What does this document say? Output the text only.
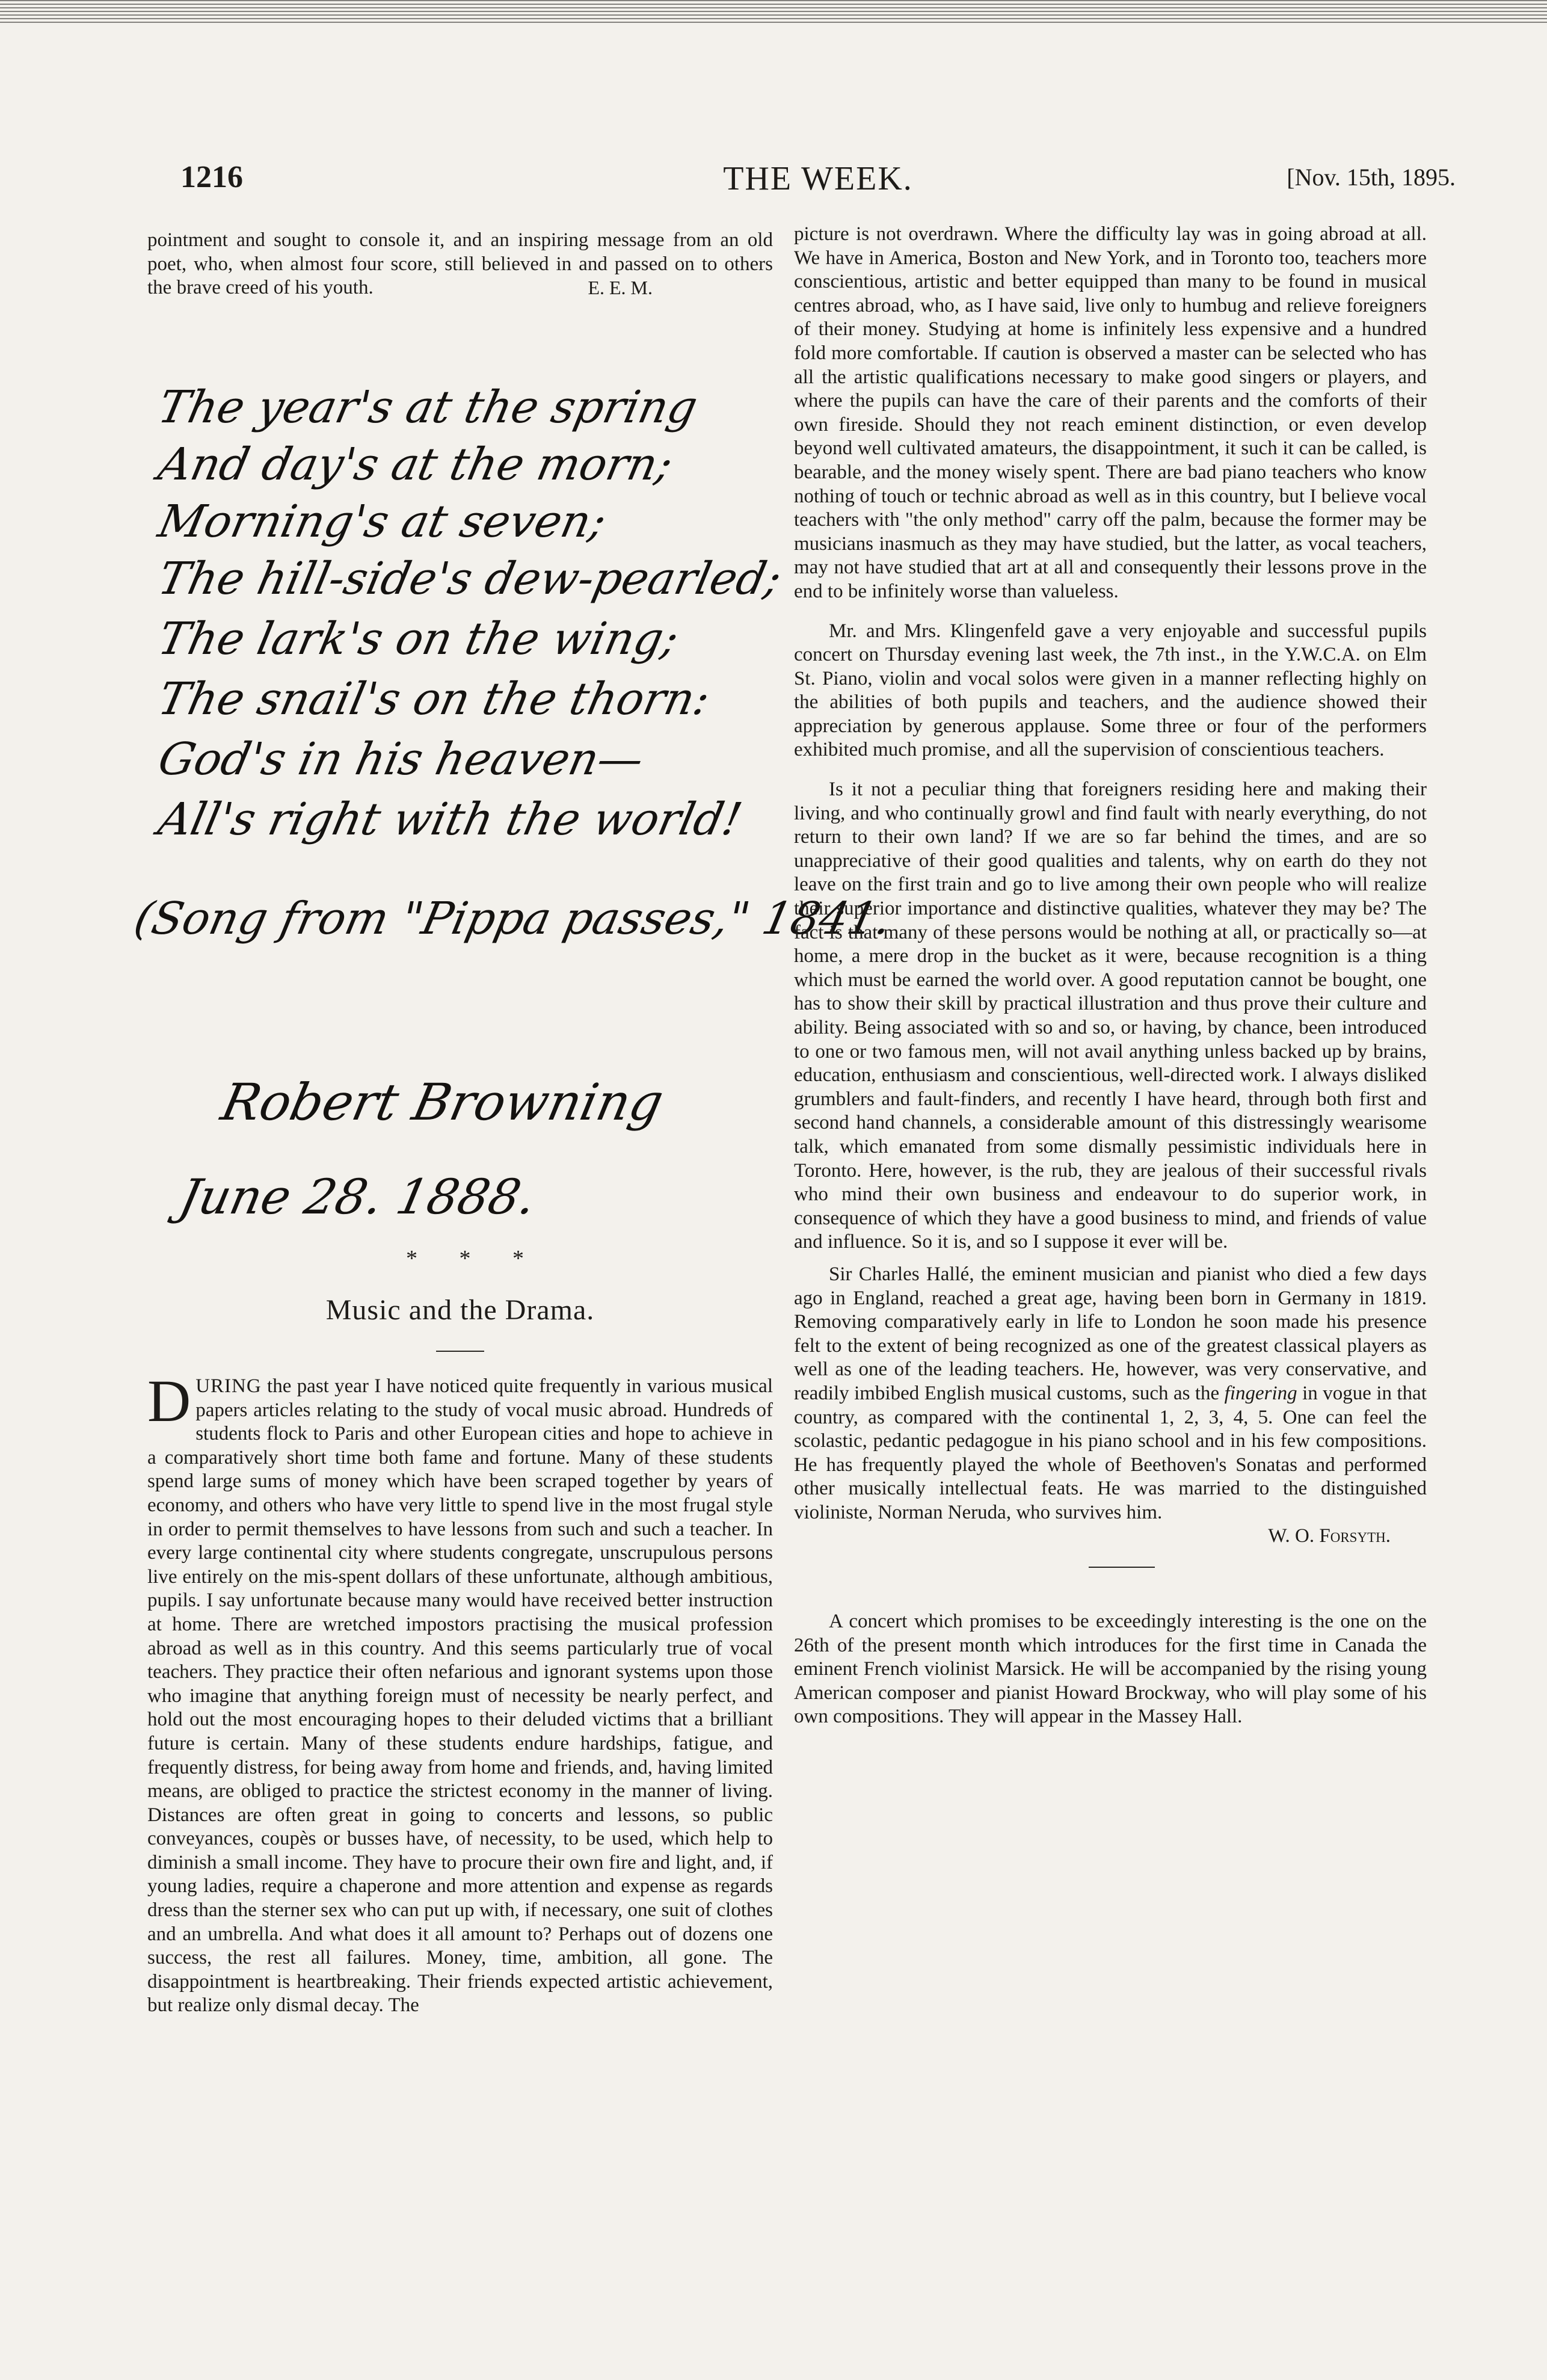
1216	THE WEEK.	[Nov. 15th, 1895.

pointment and sought to console it, and an inspiring message from an old poet, who, when almost four score, still believed in and passed on to others the brave creed of his youth.	E. E. M.
The year's at the spring
And day's at the morn;
Morning's at seven;
The hill-side's dew-pearled;
The lark's on the wing;
The snail's on the thorn:
God's in his heaven—
All's right with the world!
(Song from "Pippa passes," 1841.
Robert Browning
June 28. 1888.
* * *
Music and the Drama.

DURING the past year I have noticed quite frequently in various musical papers articles relating to the study of vocal music abroad. Hundreds of students flock to Paris and other European cities and hope to achieve in a comparatively short time both fame and fortune. Many of these students spend large sums of money which have been scraped together by years of economy, and others who have very little to spend live in the most frugal style in order to permit themselves to have lessons from such and such a teacher. In every large continental city where students congregate, unscrupulous persons live entirely on the mis-spent dollars of these unfortunate, although ambitious, pupils. I say unfortunate because many would have received better instruction at home. There are wretched impostors practising the musical profession abroad as well as in this country. And this seems particularly true of vocal teachers. They practice their often nefarious and ignorant systems upon those who imagine that anything foreign must of necessity be nearly perfect, and hold out the most encouraging hopes to their deluded victims that a brilliant future is certain. Many of these students endure hardships, fatigue, and frequently distress, for being away from home and friends, and, having limited means, are obliged to practice the strictest economy in the manner of living. Distances are often great in going to concerts and lessons, so public conveyances, coupès or busses have, of necessity, to be used, which help to diminish a small income. They have to procure their own fire and light, and, if young ladies, require a chaperone and more attention and expense as regards dress than the sterner sex who can put up with, if necessary, one suit of clothes and an umbrella. And what does it all amount to? Perhaps out of dozens one success, the rest all failures. Money, time, ambition, all gone. The disappointment is heartbreaking. Their friends expected artistic achievement, but realize only dismal decay. The

picture is not overdrawn. Where the difficulty lay was in going abroad at all. We have in America, Boston and New York, and in Toronto too, teachers more conscientious, artistic and better equipped than many to be found in musical centres abroad, who, as I have said, live only to humbug and relieve foreigners of their money. Studying at home is infinitely less expensive and a hundred fold more comfortable. If caution is observed a master can be selected who has all the artistic qualifications necessary to make good singers or players, and where the pupils can have the care of their parents and the comforts of their own fireside. Should they not reach eminent distinction, or even develop beyond well cultivated amateurs, the disappointment, it such it can be called, is bearable, and the money wisely spent. There are bad piano teachers who know nothing of touch or technic abroad as well as in this country, but I believe vocal teachers with "the only method" carry off the palm, because the former may be musicians inasmuch as they may have studied, but the latter, as vocal teachers, may not have studied that art at all and consequently their lessons prove in the end to be infinitely worse than valueless.

Mr. and Mrs. Klingenfeld gave a very enjoyable and successful pupils concert on Thursday evening last week, the 7th inst., in the Y.W.C.A. on Elm St. Piano, violin and vocal solos were given in a manner reflecting highly on the abilities of both pupils and teachers, and the audience showed their appreciation by generous applause. Some three or four of the performers exhibited much promise, and all the supervision of conscientious teachers.

Is it not a peculiar thing that foreigners residing here and making their living, and who continually growl and find fault with nearly everything, do not return to their own land? If we are so far behind the times, and are so unappreciative of their good qualities and talents, why on earth do they not leave on the first train and go to live among their own people who will realize their superior importance and distinctive qualities, whatever they may be? The fact is that many of these persons would be nothing at all, or practically so—at home, a mere drop in the bucket as it were, because recognition is a thing which must be earned the world over. A good reputation cannot be bought, one has to show their skill by practical illustration and thus prove their culture and ability. Being associated with so and so, or having, by chance, been introduced to one or two famous men, will not avail anything unless backed up by brains, education, enthusiasm and conscientious, well-directed work. I always disliked grumblers and fault-finders, and recently I have heard, through both first and second hand channels, a considerable amount of this distressingly wearisome talk, which emanated from some dismally pessimistic individuals here in Toronto. Here, however, is the rub, they are jealous of their successful rivals who mind their own business and endeavour to do superior work, in consequence of which they have a good business to mind, and friends of value and influence. So it is, and so I suppose it ever will be.

Sir Charles Hallé, the eminent musician and pianist who died a few days ago in England, reached a great age, having been born in Germany in 1819. Removing comparatively early in life to London he soon made his presence felt to the extent of being recognized as one of the greatest classical players as well as one of the leading teachers. He, however, was very conservative, and readily imbibed English musical customs, such as the fingering in vogue in that country, as compared with the continental 1, 2, 3, 4, 5. One can feel the scolastic, pedantic pedagogue in his piano school and in his few compositions. He has frequently played the whole of Beethoven's Sonatas and performed other musically intellectual feats. He was married to the distinguished violiniste, Norman Neruda, who survives him.

W. O. Forsyth.

A concert which promises to be exceedingly interesting is the one on the 26th of the present month which introduces for the first time in Canada the eminent French violinist Marsick. He will be accompanied by the rising young American composer and pianist Howard Brockway, who will play some of his own compositions. They will appear in the Massey Hall.
